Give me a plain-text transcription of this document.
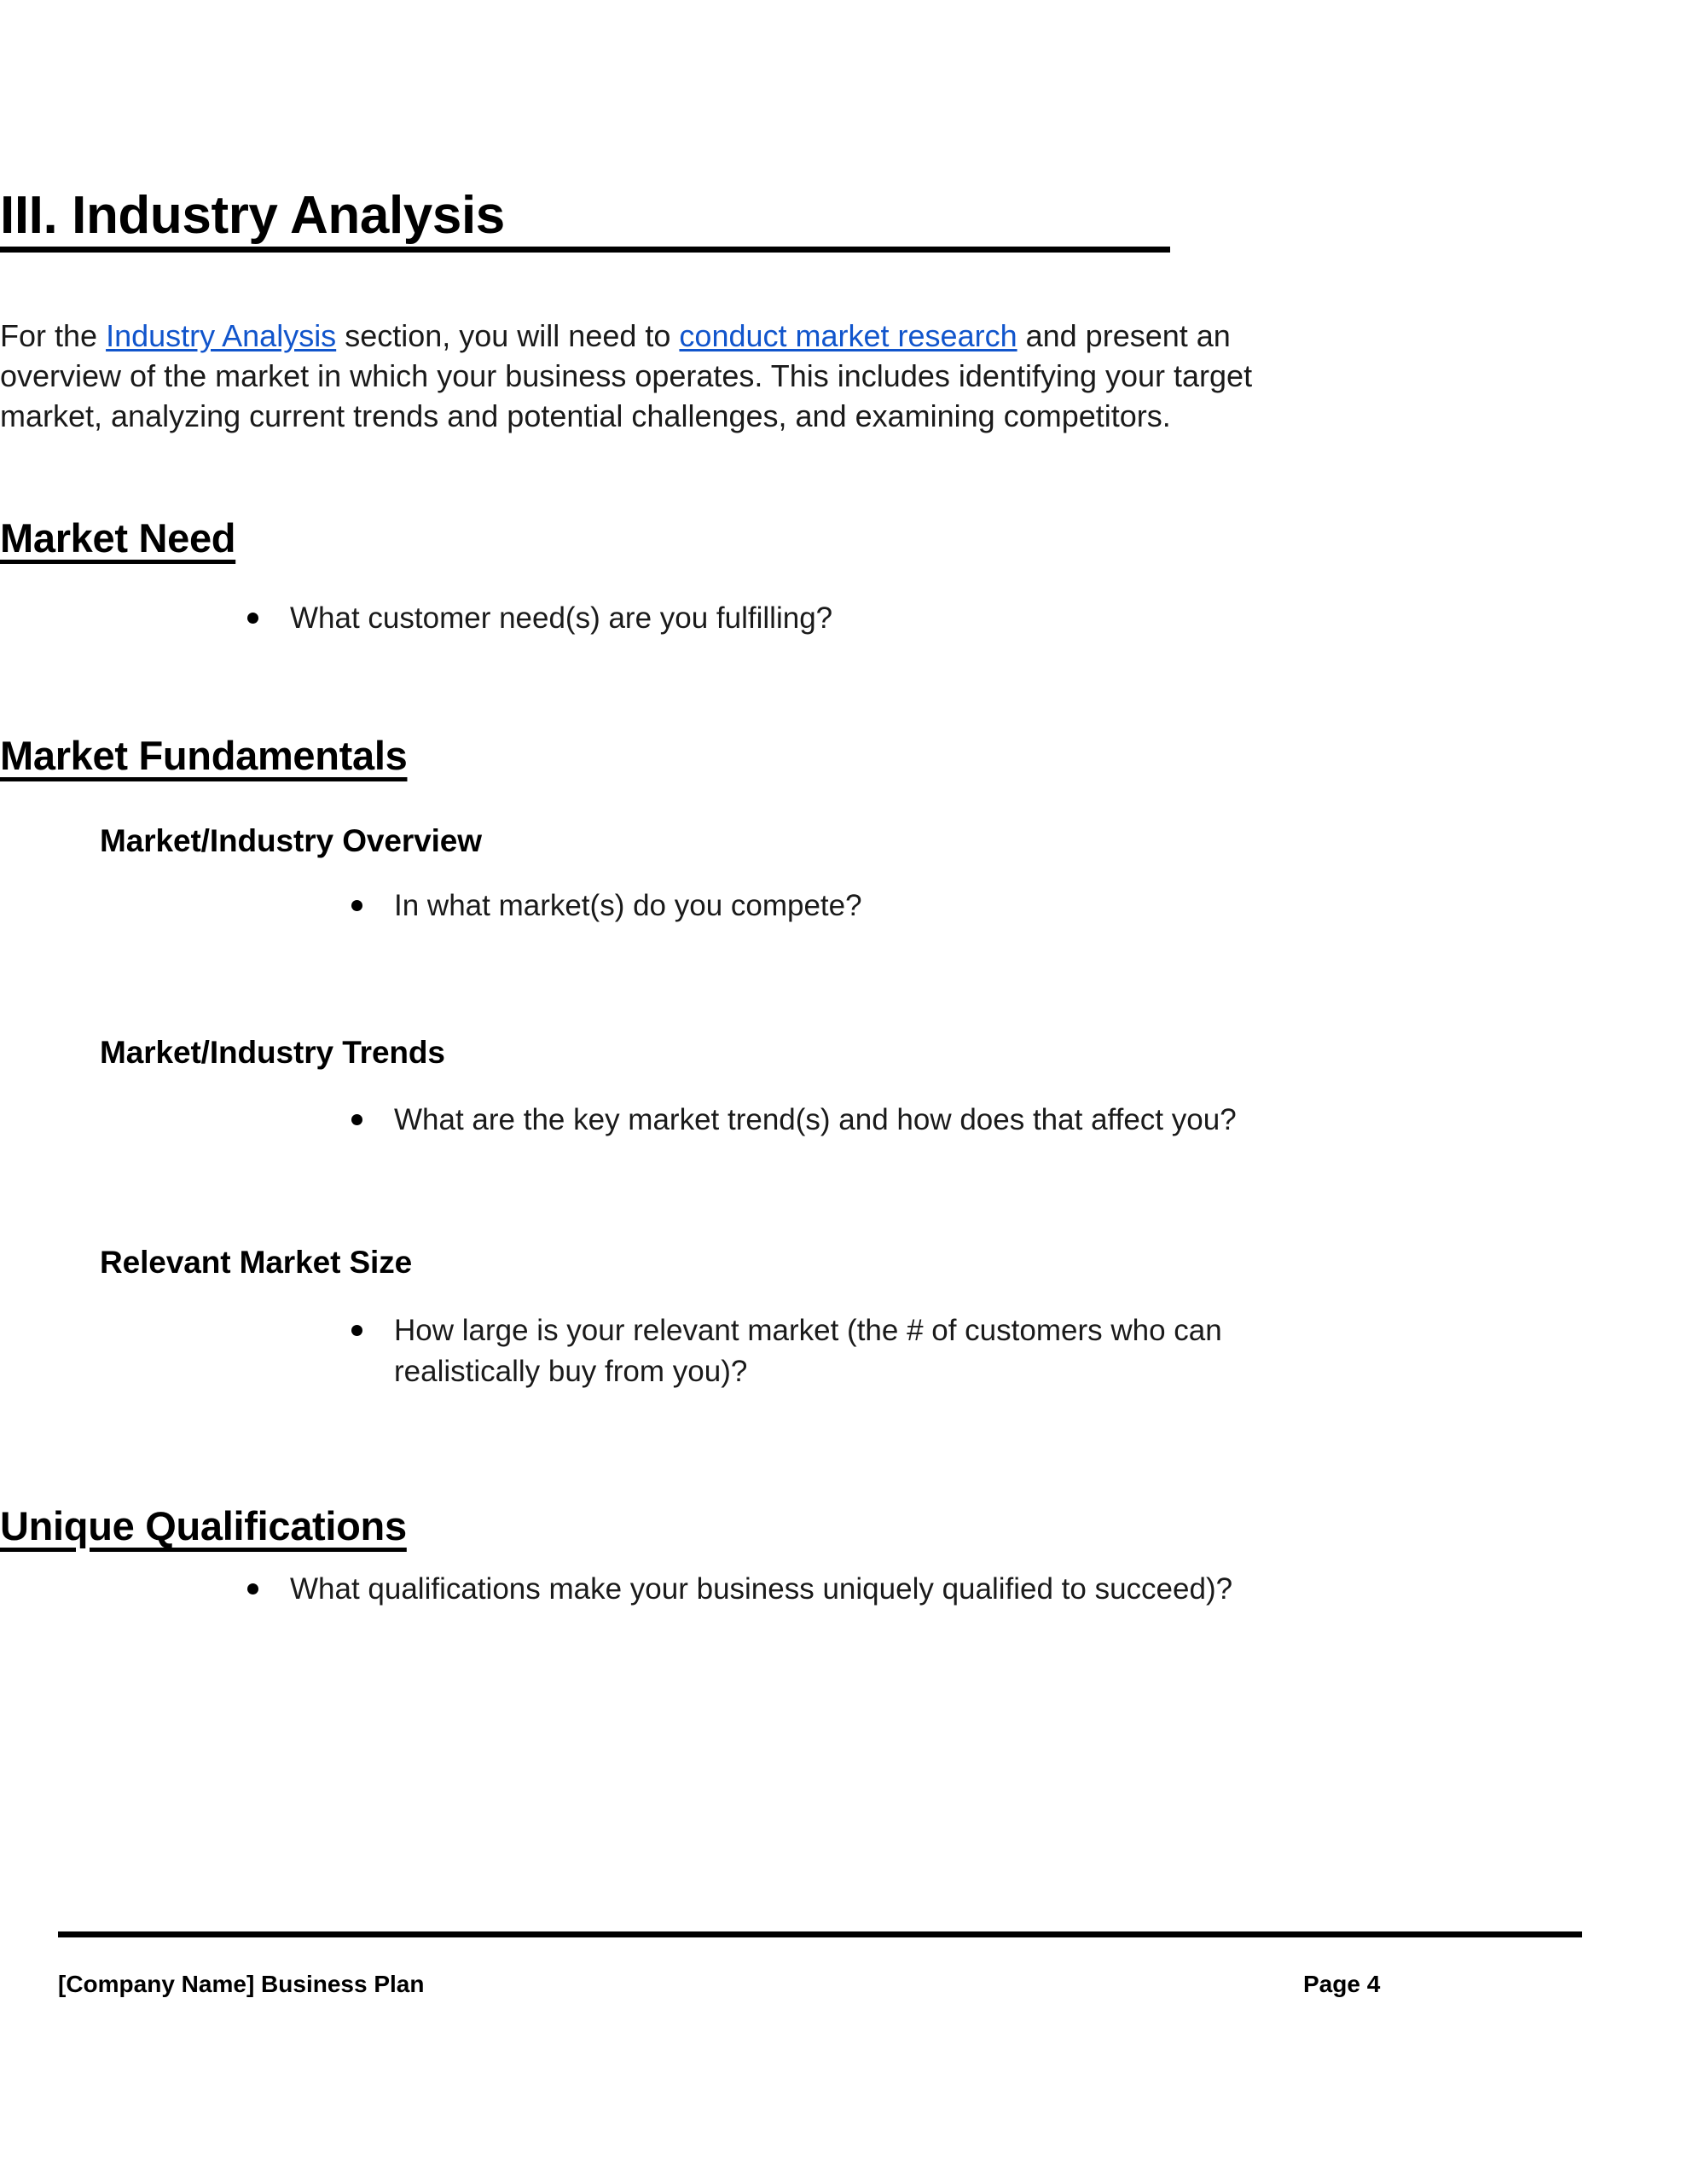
III. Industry Analysis

For the Industry Analysis section, you will need to conduct market research and present an overview of the market in which your business operates. This includes identifying your target market, analyzing current trends and potential challenges, and examining competitors.

Market Need
What customer need(s) are you fulfilling?
Market Fundamentals
Market/Industry Overview
In what market(s) do you compete?
Market/Industry Trends
What are the key market trend(s) and how does that affect you?
Relevant Market Size
How large is your relevant market (the # of customers who can realistically buy from you)?
Unique Qualifications
What qualifications make your business uniquely qualified to succeed)?
[Company Name] Business Plan	Page 4
